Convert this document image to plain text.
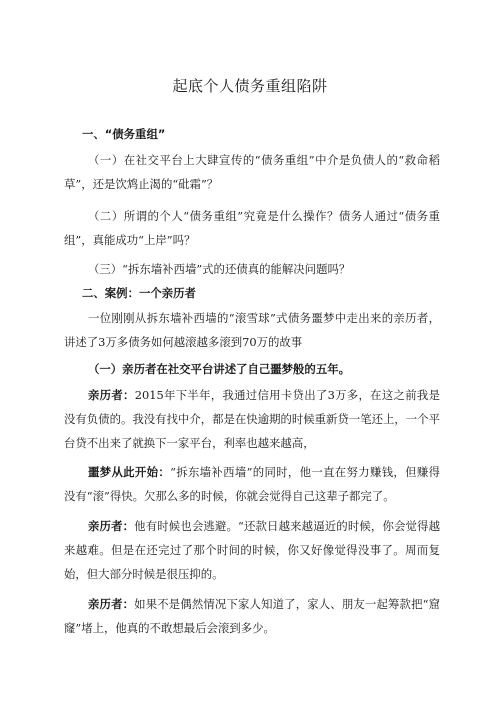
起底个人债务重组陷阱
一、“债务重组”
（一）在社交平台上大肆宣传的“债务重组”中介是负债人的“救命稻草”，还是饮鸩止渴的“砒霜”？
（二）所谓的个人“债务重组”究竟是什么操作？债务人通过“债务重组”，真能成功“上岸”吗？
（三）“拆东墙补西墙”式的还债真的能解决问题吗？
二、案例：一个亲历者
一位刚刚从拆东墙补西墙的“滚雪球”式债务噩梦中走出来的亲历者，讲述了3万多债务如何越滚越多滚到70万的故事
（一）亲历者在社交平台讲述了自己噩梦般的五年。
亲历者：2015年下半年，我通过信用卡贷出了3万多，在这之前我是没有负债的。我没有找中介，都是在快逾期的时候重新贷一笔还上，一个平台贷不出来了就换下一家平台，利率也越来越高，
噩梦从此开始：“拆东墙补西墙”的同时，他一直在努力赚钱，但赚得没有“滚”得快。欠那么多的时候，你就会觉得自己这辈子都完了。
亲历者：他有时候也会逃避。“还款日越来越逼近的时候，你会觉得越来越难。但是在还完过了那个时间的时候，你又好像觉得没事了。周而复始，但大部分时候是很压抑的。
亲历者：如果不是偶然情况下家人知道了，家人、朋友一起筹款把“窟窿”堵上，他真的不敢想最后会滚到多少。
